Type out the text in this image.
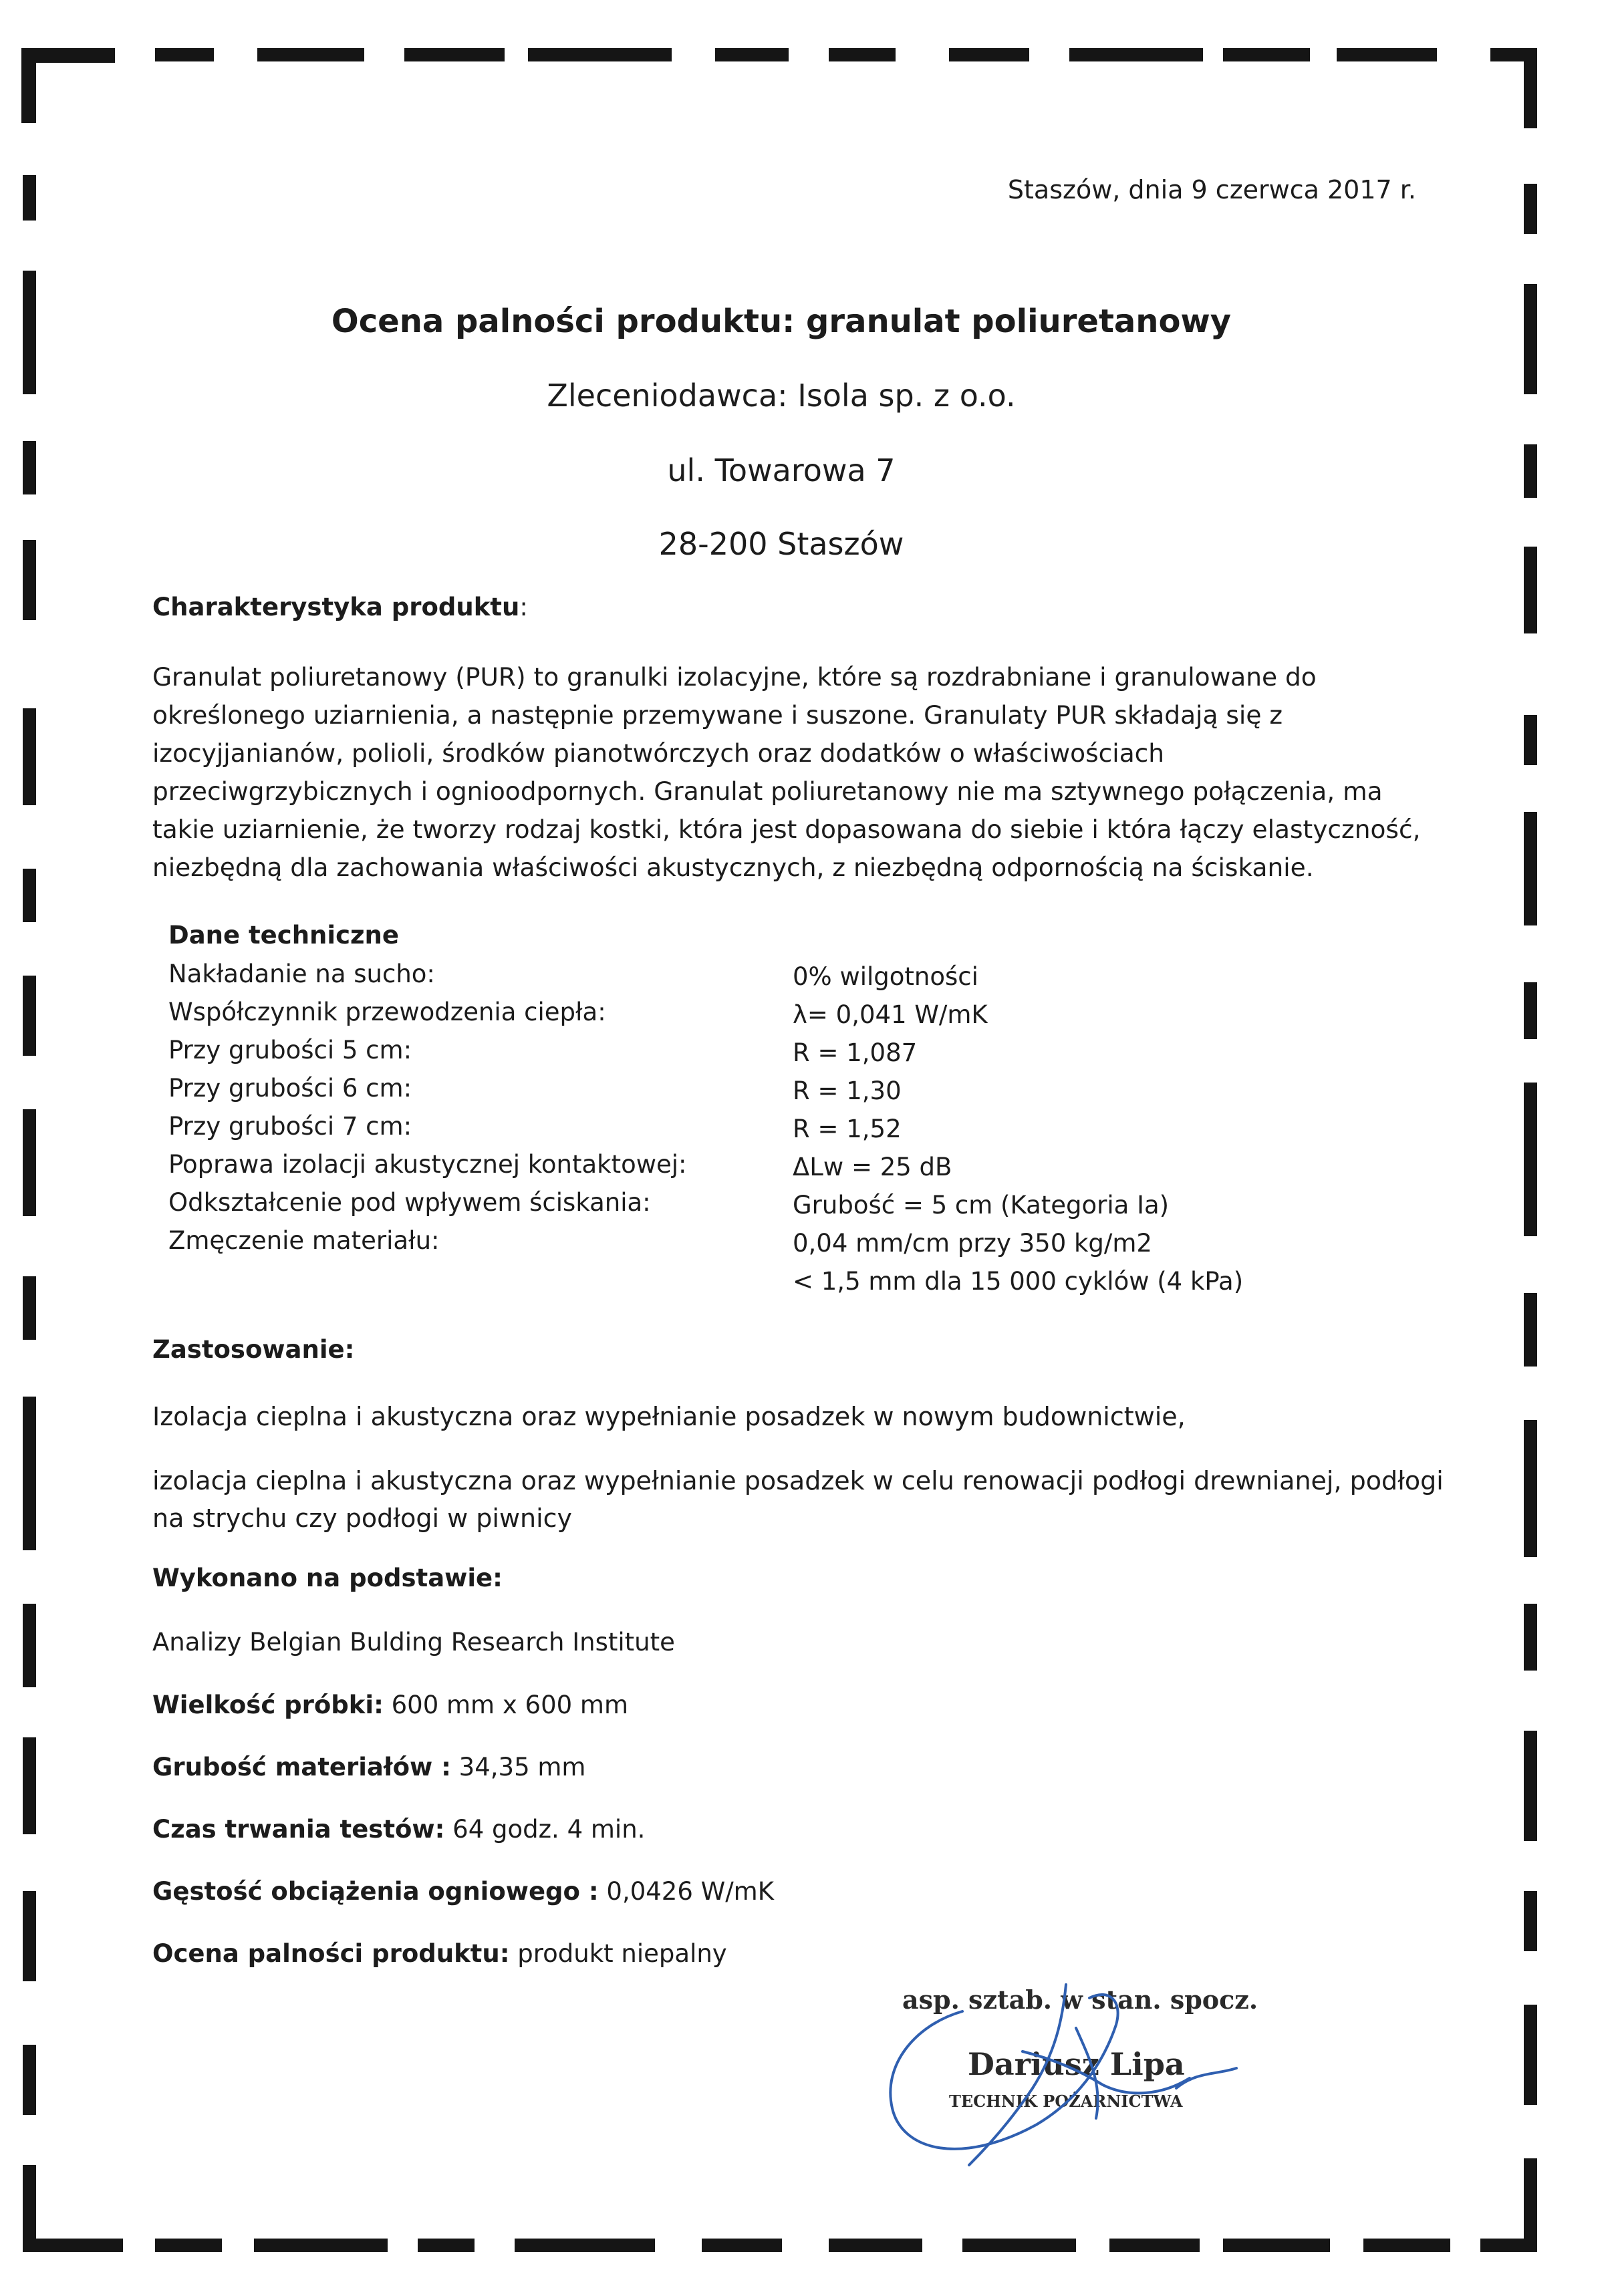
Staszów, dnia 9 czerwca 2017 r.
Ocena palności produktu: granulat poliuretanowy
Zleceniodawca: Isola sp. z o.o.
ul. Towarowa 7
28-200 Staszów
Charakterystyka produktu:
Granulat poliuretanowy (PUR) to granulki izolacyjne, które są rozdrabniane i granulowane do
określonego uziarnienia, a następnie przemywane i suszone. Granulaty PUR składają się z
izocyjjanianów, polioli, środków pianotwórczych oraz dodatków o właściwościach
przeciwgrzybicznych i ognioodpornych. Granulat poliuretanowy nie ma sztywnego połączenia, ma
takie uziarnienie, że tworzy rodzaj kostki, która jest dopasowana do siebie i która łączy elastyczność,
niezbędną dla zachowania właściwości akustycznych, z niezbędną odpornością na ściskanie.
Dane techniczne
Nakładanie na sucho:	0% wilgotności
Współczynnik przewodzenia ciepła:	λ= 0,041 W/mK
Przy grubości 5 cm:	R = 1,087
Przy grubości 6 cm:	R = 1,30
Przy grubości 7 cm:	R = 1,52
Poprawa izolacji akustycznej kontaktowej:	ΔLw = 25 dB
Odkształcenie pod wpływem ściskania:	Grubość = 5 cm (Kategoria Ia)
Zmęczenie materiału:	0,04 mm/cm przy 350 kg/m2
< 1,5 mm dla 15 000 cyklów (4 kPa)
Zastosowanie:
Izolacja cieplna i akustyczna oraz wypełnianie posadzek w nowym budownictwie,
izolacja cieplna i akustyczna oraz wypełnianie posadzek w celu renowacji podłogi drewnianej, podłogi na strychu czy podłogi w piwnicy
Wykonano na podstawie:
Analizy Belgian Bulding Research Institute
Wielkość próbki: 600 mm x 600 mm
Grubość materiałów : 34,35 mm
Czas trwania testów: 64 godz. 4 min.
Gęstość obciążenia ogniowego : 0,0426 W/mK
Ocena palności produktu: produkt niepalny
asp. sztab. w stan. spocz.
Dariusz Lipa
TECHNIK POŻARNICTWA
